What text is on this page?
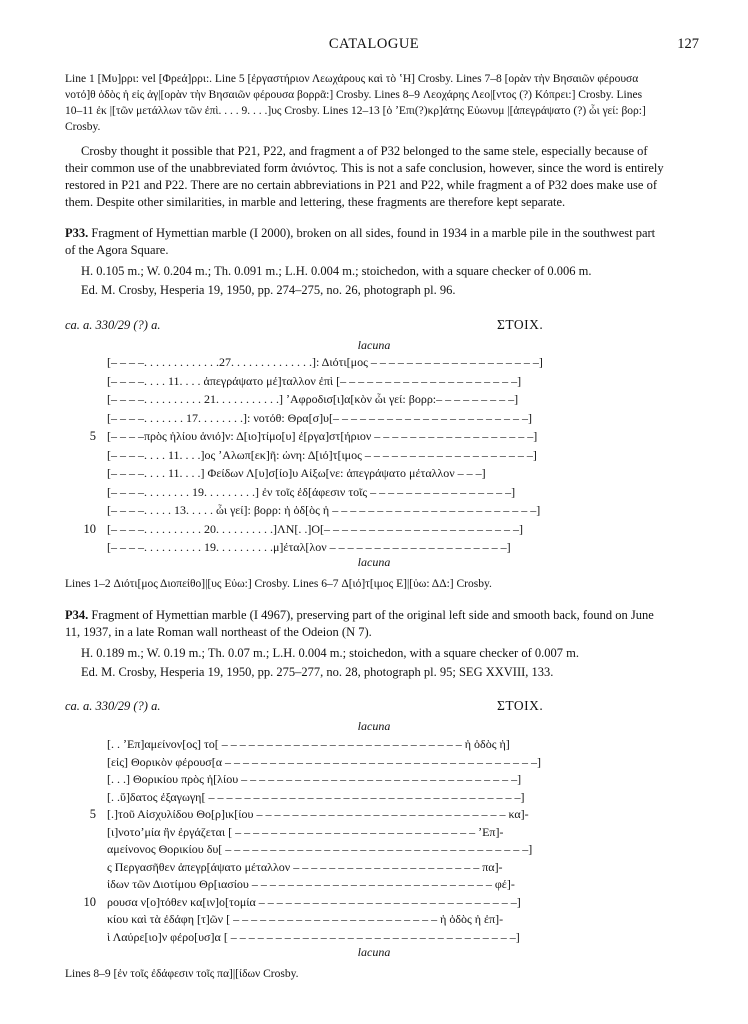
CATALOGUE	127
Line 1 [Μυ]ρρι: vel [Φρεά]ρρι:. Line 5 [ἐργαστήριον Λεωχάρους καὶ τὸ ʽΗ] Crosby. Lines 7–8 [ορὰν τὴν Βησαιῶν φέρουσα
νοτό]θ ὁδὸς ἡ εἰς ἀγ|[ορὰν τὴν Βησαιῶν φέρουσα βορρᾶ:] Crosby. Lines 8–9 Λεοχάρης Λεο|[ντος (?) Κόπρει:] Crosby. Lines
10–11 ἐκ |[τῶν μετάλλων τῶν ἐπὶ. . . . 9. . . .]υς Crosby. Lines 12–13 [ὁ ʼΕπι(?)κρ]άτης Εὐωνυμ |[ἀπεγράψατο (?) ὦι γεί: βορ:]
Crosby.
Crosby thought it possible that P21, P22, and fragment a of P32 belonged to the same stele, especially because of
their common use of the unabbreviated form ἀνιόντος. This is not a safe conclusion, however, since the word is entirely
restored in P21 and P22. There are no certain abbreviations in P21 and P22, while fragment a of P32 does make use of
them. Despite other similarities, in marble and lettering, these fragments are therefore kept separate.
P33. Fragment of Hymettian marble (I 2000), broken on all sides, found in 1934 in a marble pile in the southwest part
of the Agora Square.
H. 0.105 m.; W. 0.204 m.; Th. 0.091 m.; L.H. 0.004 m.; stoichedon, with a square checker of 0.006 m.
Ed. M. Crosby, Hesperia 19, 1950, pp. 274–275, no. 26, photograph pl. 96.
ca. a. 330/29 (?) a.	ΣΤΟΙΧ.
lacuna
[– – – –. . . . . . . . . . . . .27. . . . . . . . . . . . . .]: Διότι[μος – – – – – – – – – – – – – – – – – – –]
[– – – –. . . . 11. . . . ἀπεγράψατο μέ]ταλλον ἐπὶ [– – – – – – – – – – – – – – – – – – – –]
[– – – –. . . . . . . . . . 21. . . . . . . . . . .] ʼΑφροδισ[ι]α[κὸν ὦι γεί: βορρ:– – – – – – – – –]
[– – – –. . . . . . . 17. . . . . . . .]: νοτόθ: Θρα[σ]υ[– – – – – – – – – – – – – – – – – – – – – –]
5 [– – – –πρὸς ἡλίου ἀνιό]ν: Δ[ιο]τίμο[υ] ἐ[ργα]στ[ήριον – – – – – – – – – – – – – – – – – –]
[– – – –. . . . 11. . . .]ος ʼΑλωπ[εκ]ῆ: ὠνη: Δ[ιό]τ[ιμος – – – – – – – – – – – – – – – – – – –]
[– – – –. . . . 11. . . .] Φείδων Λ[υ]σ[ίο]υ Αἰξω[νε: ἀπεγράψατο μέταλλον – – –]
[– – – –. . . . . . . . 19. . . . . . . . .] ἐν τοῖς ἐδ[άφεσιν τοῖς – – – – – – – – – – – – – – – –]
[– – – –. . . . . 13. . . . . ὦι γεί]: βορρ: ἡ ὁδ[ὸς ἡ – – – – – – – – – – – – – – – – – – – – – – –]
10 [– – – –. . . . . . . . . . 20. . . . . . . . . .]ΛΝ[. .]Ο[– – – – – – – – – – – – – – – – – – – – – –]
[– – – –. . . . . . . . . . 19. . . . . . . . . .μ]έταλ[λον – – – – – – – – – – – – – – – – – – – –]
lacuna
Lines 1–2 Διότι[μος Διοπείθο]|[υς Εὐω:] Crosby. Lines 6–7 Δ[ιό]τ[ιμος Ε]|[ὐω: ΔΔ:] Crosby.
P34. Fragment of Hymettian marble (I 4967), preserving part of the original left side and smooth back, found on June
11, 1937, in a late Roman wall northeast of the Odeion (N 7).
H. 0.189 m.; W. 0.19 m.; Th. 0.07 m.; L.H. 0.004 m.; stoichedon, with a square checker of 0.007 m.
Ed. M. Crosby, Hesperia 19, 1950, pp. 275–277, no. 28, photograph pl. 95; SEG XXVIII, 133.
ca. a. 330/29 (?) a.	ΣΤΟΙΧ.
lacuna
[. . ʼΕπ]αμείνον[ος] το[ – – – – – – – – – – – – – – – – – – – – – – – – – – – ἡ ὁδὸς ἡ]
[εἰς] Θορικὸν φέρουσ[α – – – – – – – – – – – – – – – – – – – – – – – – – – – – – – – – – – –]
[. . .] Θορικίου πρὸς ἡ[λίου – – – – – – – – – – – – – – – – – – – – – – – – – – – – – – –]
[. .ὕ]δατος ἐξαγωγη[ – – – – – – – – – – – – – – – – – – – – – – – – – – – – – – – – – – –]
5 [.]τοῦ Αἰσχυλίδου Θο[ρ]ικ[ίου – – – – – – – – – – – – – – – – – – – – – – – – – – – – κα]-
[ι]νοτοʼμία ἣν ἐργάζεται [ – – – – – – – – – – – – – – – – – – – – – – – – – – – ʼΕπ]-
αμείνονος Θορικίου δυ[ – – – – – – – – – – – – – – – – – – – – – – – – – – – – – – – – – –]
ς Περγασῆθεν ἀπεγρ[άψατο μέταλλον – – – – – – – – – – – – – – – – – – – – – πα]-
ἰδων τῶν Διοτίμου Θρ[ιασίου – – – – – – – – – – – – – – – – – – – – – – – – – – – φέ]-
10 ρουσα ν[ο]τόθεν κα[ιν]ο[τομία – – – – – – – – – – – – – – – – – – – – – – – – – – – – –]
κίου καὶ τὰ ἐδάφη [τ]ῶν [ – – – – – – – – – – – – – – – – – – – – – – – ἡ ὁδὸς ἡ ἐπ]-
ὶ Λαύρε[ιο]ν φέρο[υσ]α [ – – – – – – – – – – – – – – – – – – – – – – – – – – – – – – – –]
lacuna
Lines 8–9 [ἐν τοῖς ἐδάφεσιν τοῖς πα]|[ίδων Crosby.
